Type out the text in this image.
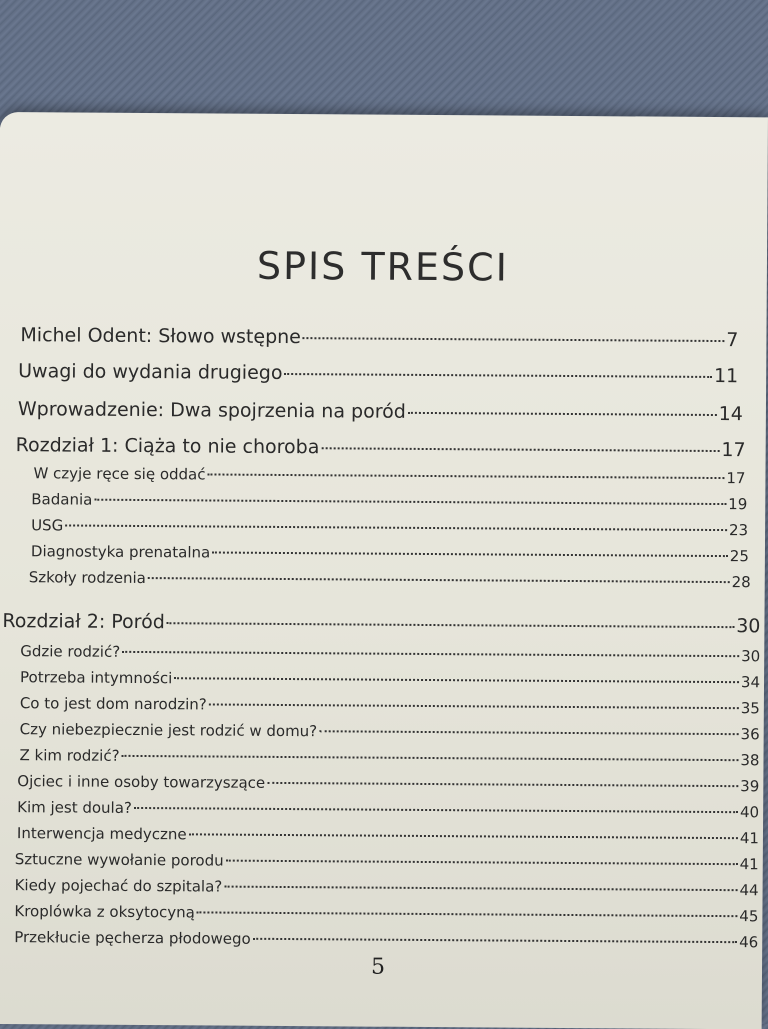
SPIS TREŚCI
Michel Odent: Słowo wstępne	7
Uwagi do wydania drugiego	11
Wprowadzenie: Dwa spojrzenia na poród	14
Rozdział 1: Ciąża to nie choroba	17
W czyje ręce się oddać	17
Badania	19
USG	23
Diagnostyka prenatalna	25
Szkoły rodzenia	28
Rozdział 2: Poród	30
Gdzie rodzić?	30
Potrzeba intymności	34
Co to jest dom narodzin?	35
Czy niebezpiecznie jest rodzić w domu?	36
Z kim rodzić?	38
Ojciec i inne osoby towarzyszące	39
Kim jest doula?	40
Interwencja medyczne	41
Sztuczne wywołanie porodu	41
Kiedy pojechać do szpitala?	44
Kroplówka z oksytocyną	45
Przekłucie pęcherza płodowego	46
5
